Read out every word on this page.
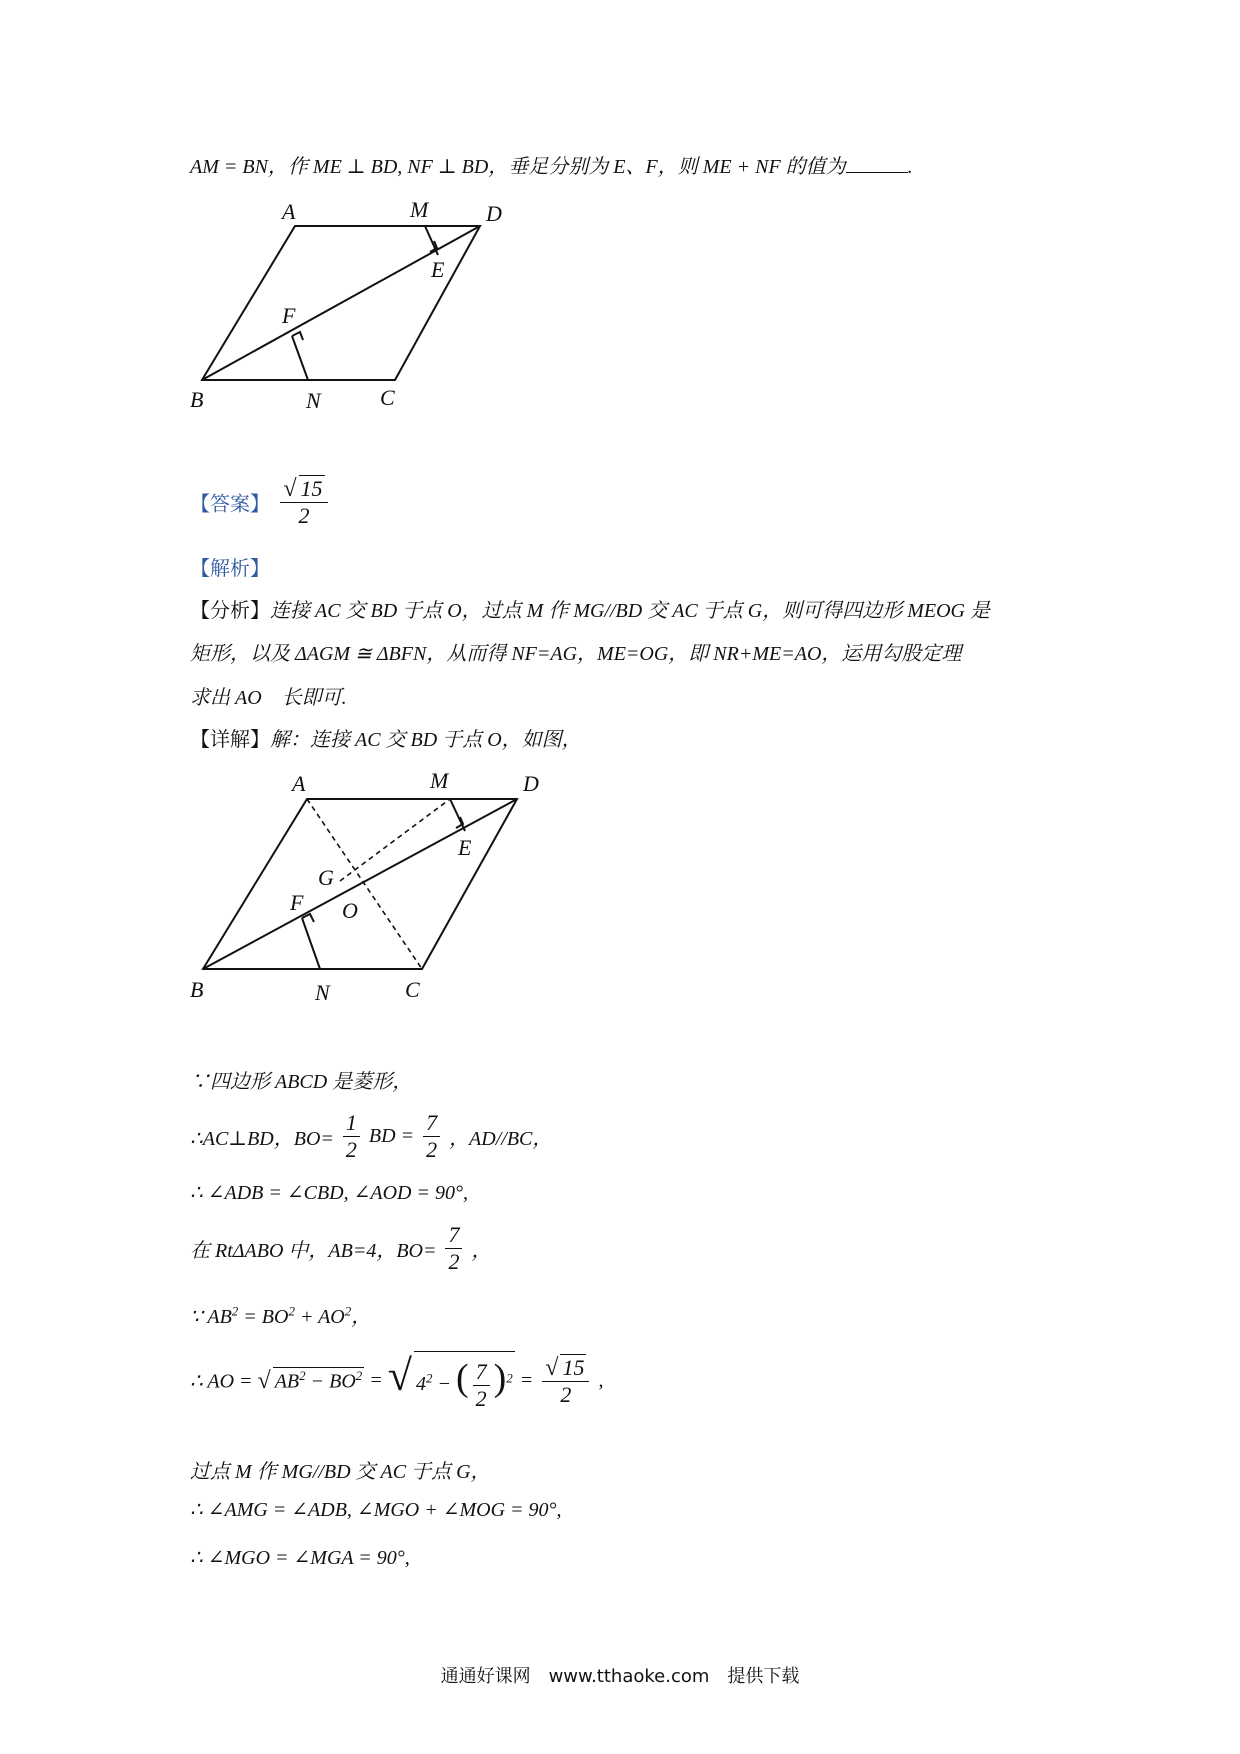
AM = BN，作 ME ⊥ BD, NF ⊥ BD，垂足分别为 E、F，则 ME + NF 的值为	.
A	M	D
E
F
B	N	C
【答案】 $\frac{√ 15}{2}$
【解析】
【分析】连接 AC 交 BD 于点 O，过点 M 作 MG//BD 交 AC 于点 G，则可得四边形 MEOG 是
矩形，以及 ΔAGM ≅ ΔBFN，从而得 NF=AG，ME=OG，即 NR+ME=AO，运用勾股定理
求出 AO　长即可.
【详解】解：连接 AC 交 BD 于点 O，如图，
A	M	D
E
G
F O
B	N	C
∵四边形 ABCD 是菱形，
∴AC⊥BD，$BO= \frac{1}{2}$ BD = $\frac{7}{2}$ ，AD//BC，
∴ ∠ADB = ∠CBD, ∠AOD = 90°,
在 RtΔABO 中，AB=4，$BO= \frac{7}{2}$ ，
∵ $AB^2 = BO^2 + AO^2$，
∴ AO = √ $AB^2 - BO^2$ = √ $4^2$ − ( $\frac{7}{2} )^2 = \frac{√ 15}{2}$ ,
过点 M 作 MG//BD 交 AC 于点 G，
∴ ∠AMG = ∠ADB, ∠MGO + ∠MOG = 90°,
∴ ∠MGO = ∠MGA = 90°,
通通好课网　www.tthaoke.com　提供下载
